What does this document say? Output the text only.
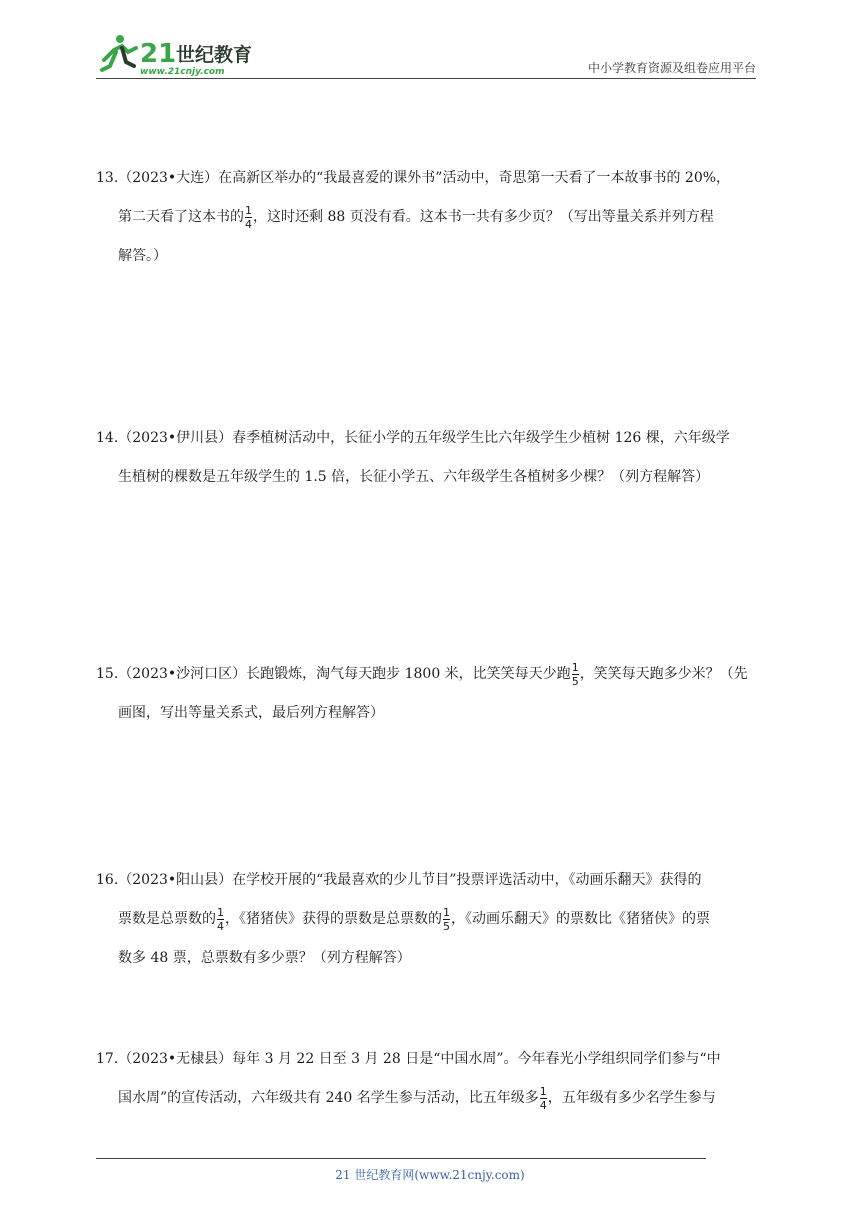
21 世纪教育
www.21cnjy.com	中小学教育资源及组卷应用平台
13.（2023•大连）在高新区举办的“我最喜爱的课外书”活动中，奇思第一天看了一本故事书的 20%，
第二天看了这本书的 $\frac{1}{4}$ ，这时还剩 88 页没有看。这本书一共有多少页？（写出等量关系并列方程
解答。）
14.（2023•伊川县）春季植树活动中，长征小学的五年级学生比六年级学生少植树 126 棵，六年级学
生植树的棵数是五年级学生的 1.5 倍，长征小学五、六年级学生各植树多少棵？（列方程解答）
15.（2023•沙河口区）长跑锻炼，淘气每天跑步 1800 米，比笑笑每天少跑 $\frac{1}{5}$ ，笑笑每天跑多少米？（先
画图，写出等量关系式，最后列方程解答）
16.（2023•阳山县）在学校开展的“我最喜欢的少儿节目”投票评选活动中，《动画乐翻天》获得的
票数是总票数的 $\frac{1}{4}$ ，《猪猪侠》获得的票数是总票数的 $\frac{1}{5}$ ，《动画乐翻天》的票数比《猪猪侠》的票
数多 48 票，总票数有多少票？（列方程解答）
17.（2023•无棣县）每年 3 月 22 日至 3 月 28 日是“中国水周”。今年春光小学组织同学们参与“中
国水周”的宣传活动，六年级共有 240 名学生参与活动，比五年级多 $\frac{1}{4}$ ，五年级有多少名学生参与
21 世纪教育网(www.21cnjy.com)
